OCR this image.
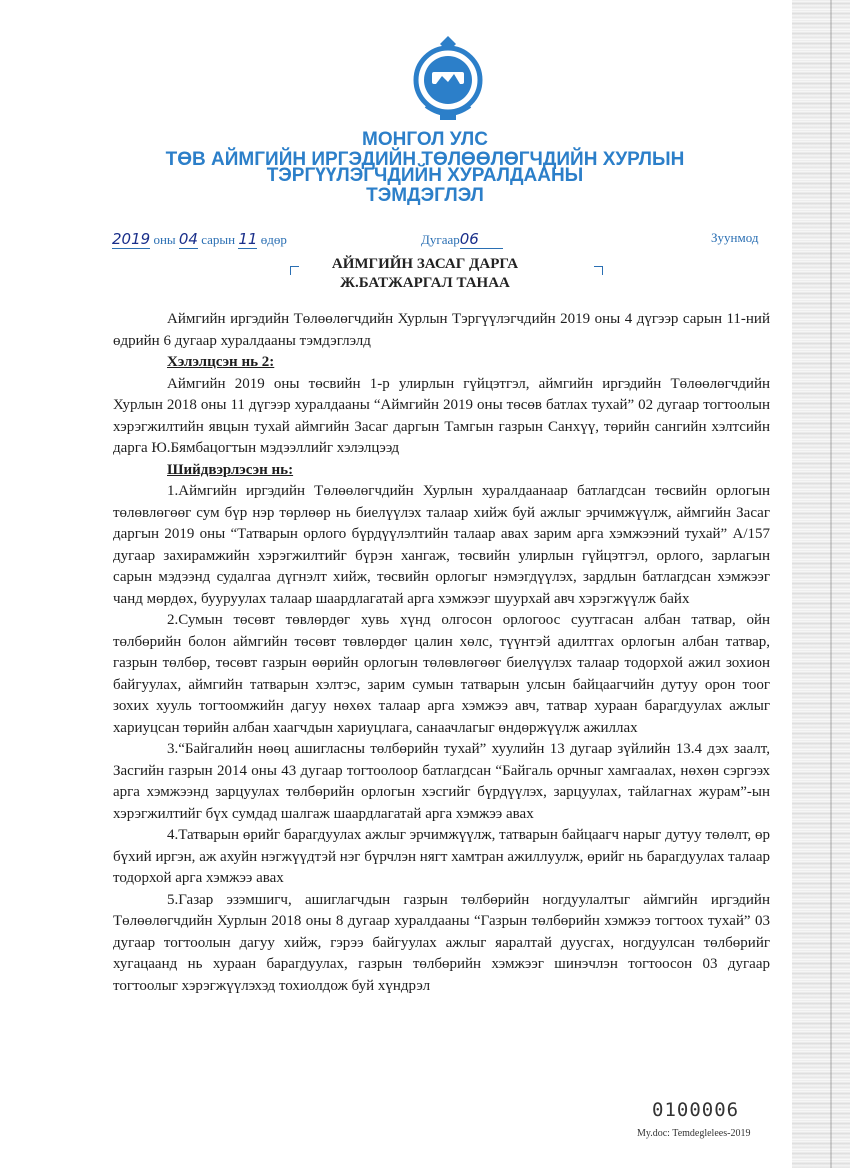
МОНГОЛ УЛС
ТӨВ АЙМГИЙН ИРГЭДИЙН ТӨЛӨӨЛӨГЧДИЙН ХУРЛЫН
ТЭРГҮҮЛЭГЧДИЙН ХУРАЛДААНЫ
ТЭМДЭГЛЭЛ
2019 оны 04 сарын 11 өдөр	Дугаар06	Зуунмод
АЙМГИЙН ЗАСАГ ДАРГА
Ж.БАТЖАРГАЛ ТАНАА

Аймгийн иргэдийн Төлөөлөгчдийн Хурлын Тэргүүлэгчдийн 2019 оны 4 дүгээр сарын 11-ний өдрийн 6 дугаар хуралдааны тэмдэглэлд

Хэлэлцсэн нь 2:

Аймгийн 2019 оны төсвийн 1-р улирлын гүйцэтгэл, аймгийн иргэдийн Төлөөлөгчдийн Хурлын 2018 оны 11 дүгээр хуралдааны “Аймгийн 2019 оны төсөв батлах тухай” 02 дугаар тогтоолын хэрэгжилтийн явцын тухай аймгийн Засаг даргын Тамгын газрын Санхүү, төрийн сангийн хэлтсийн дарга Ю.Бямбацогтын мэдээллийг хэлэлцээд

Шийдвэрлэсэн нь:

1.Аймгийн иргэдийн Төлөөлөгчдийн Хурлын хуралдаанаар батлагдсан төсвийн орлогын төлөвлөгөөг сум бүр нэр төрлөөр нь биелүүлэх талаар хийж буй ажлыг эрчимжүүлж, аймгийн Засаг даргын 2019 оны “Татварын орлого бүрдүүлэлтийн талаар авах зарим арга хэмжээний тухай” А/157 дугаар захирамжийн хэрэгжилтийг бүрэн хангаж, төсвийн улирлын гүйцэтгэл, орлого, зарлагын сарын мэдээнд судалгаа дүгнэлт хийж, төсвийн орлогыг нэмэгдүүлэх, зардлын батлагдсан хэмжээг чанд мөрдөх, бууруулах талаар шаардлагатай арга хэмжээг шуурхай авч хэрэгжүүлж байх

2.Сумын төсөвт төвлөрдөг хувь хүнд олгосон орлогоос суутгасан албан татвар, ойн төлбөрийн болон аймгийн төсөвт төвлөрдөг цалин хөлс, түүнтэй адилтгах орлогын албан татвар, газрын төлбөр, төсөвт газрын өөрийн орлогын төлөвлөгөөг биелүүлэх талаар тодорхой ажил зохион байгуулах, аймгийн татварын хэлтэс, зарим сумын татварын улсын байцаагчийн дутуу орон тоог зохих хууль тогтоомжийн дагуу нөхөх талаар арга хэмжээ авч, татвар хураан барагдуулах ажлыг хариуцсан төрийн албан хаагчдын хариуцлага, санаачлагыг өндөржүүлж ажиллах

3.“Байгалийн нөөц ашигласны төлбөрийн тухай” хуулийн 13 дугаар зүйлийн 13.4 дэх заалт, Засгийн газрын 2014 оны 43 дугаар тогтоолоор батлагдсан “Байгаль орчныг хамгаалах, нөхөн сэргээх арга хэмжээнд зарцуулах төлбөрийн орлогын хэсгийг бүрдүүлэх, зарцуулах, тайлагнах журам”-ын хэрэгжилтийг бүх сумдад шалгаж шаардлагатай арга хэмжээ авах

4.Татварын өрийг барагдуулах ажлыг эрчимжүүлж, татварын байцаагч нарыг дутуу төлөлт, өр бүхий иргэн, аж ахуйн нэгжүүдтэй нэг бүрчлэн нягт хамтран ажиллуулж, өрийг нь барагдуулах талаар тодорхой арга хэмжээ авах

5.Газар эзэмшигч, ашиглагчдын газрын төлбөрийн ногдуулалтыг аймгийн иргэдийн Төлөөлөгчдийн Хурлын 2018 оны 8 дугаар хуралдааны “Газрын төлбөрийн хэмжээ тогтоох тухай” 03 дугаар тогтоолын дагуу хийж, гэрээ байгуулах ажлыг яаралтай дуусгах, ногдуулсан төлбөрийг хугацаанд нь хураан барагдуулах, газрын төлбөрийн хэмжээг шинэчлэн тогтоосон 03 дугаар тогтоолыг хэрэгжүүлэхэд тохиолдож буй хүндрэл

0100006
My.doc: Temdeglelees-2019
